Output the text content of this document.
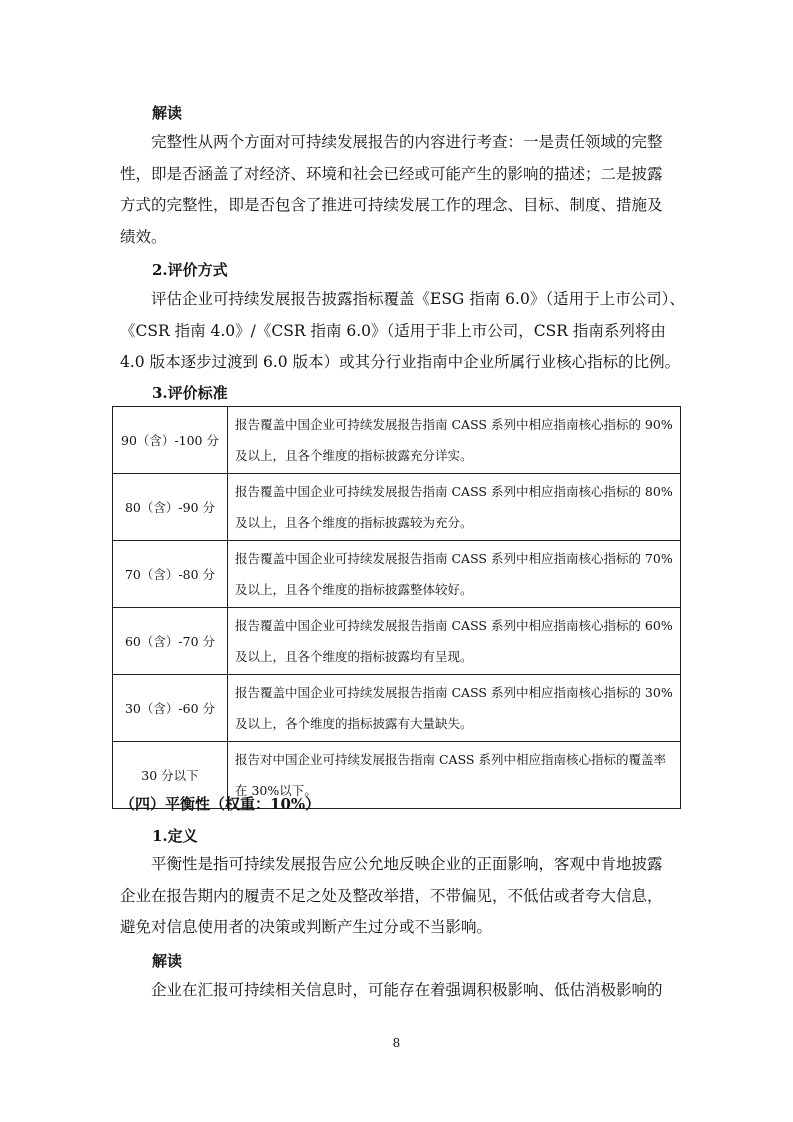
解读
完整性从两个方面对可持续发展报告的内容进行考查：一是责任领域的完整性，即是否涵盖了对经济、环境和社会已经或可能产生的影响的描述；二是披露方式的完整性，即是否包含了推进可持续发展工作的理念、目标、制度、措施及绩效。
2.评价方式
评估企业可持续发展报告披露指标覆盖《ESG 指南 6.0》（适用于上市公司）、《CSR 指南 4.0》/《CSR 指南 6.0》（适用于非上市公司，CSR 指南系列将由 4.0 版本逐步过渡到 6.0 版本）或其分行业指南中企业所属行业核心指标的比例。
3.评价标准
90（含）-100 分	报告覆盖中国企业可持续发展报告指南 CASS 系列中相应指南核心指标的 90%及以上，且各个维度的指标披露充分详实。
80（含）-90 分	报告覆盖中国企业可持续发展报告指南 CASS 系列中相应指南核心指标的 80%及以上，且各个维度的指标披露较为充分。
70（含）-80 分	报告覆盖中国企业可持续发展报告指南 CASS 系列中相应指南核心指标的 70%及以上，且各个维度的指标披露整体较好。
60（含）-70 分	报告覆盖中国企业可持续发展报告指南 CASS 系列中相应指南核心指标的 60%及以上，且各个维度的指标披露均有呈现。
30（含）-60 分	报告覆盖中国企业可持续发展报告指南 CASS 系列中相应指南核心指标的 30%及以上，各个维度的指标披露有大量缺失。
30 分以下	报告对中国企业可持续发展报告指南 CASS 系列中相应指南核心指标的覆盖率在 30%以下。
（四）平衡性（权重：10%）
1.定义
平衡性是指可持续发展报告应公允地反映企业的正面影响，客观中肯地披露企业在报告期内的履责不足之处及整改举措，不带偏见，不低估或者夸大信息，避免对信息使用者的决策或判断产生过分或不当影响。
解读
企业在汇报可持续相关信息时，可能存在着强调积极影响、低估消极影响的
8
